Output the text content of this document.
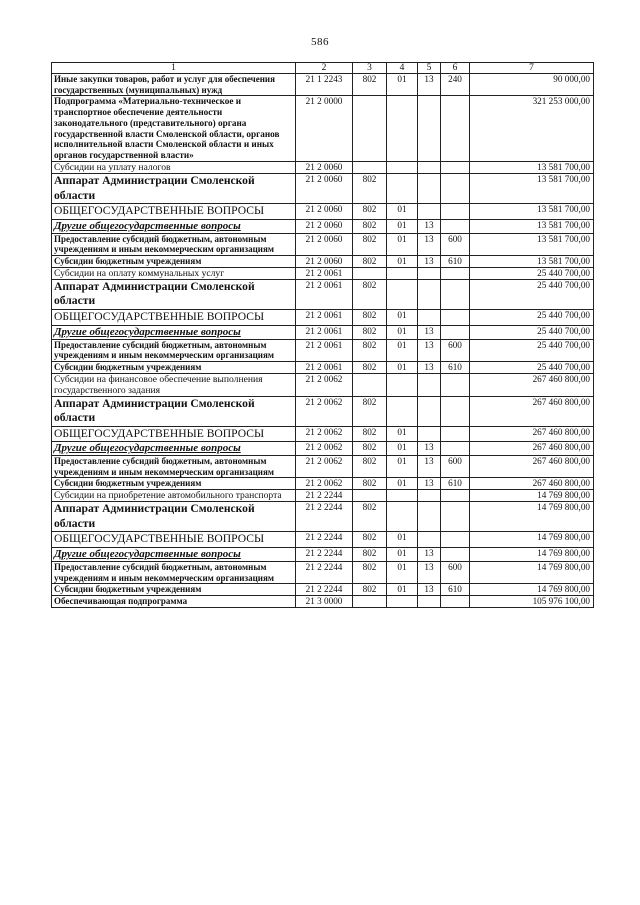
586
1	2	3	4	5	6	7
Иные закупки товаров, работ и услуг для обеспечения государственных (муниципальных) нужд	21 1 2243	802	01	13	240	90 000,00
Подпрограмма «Материально-техническое и транспортное обеспечение деятельности законодательного (представительного) органа государственной власти Смоленской области, органов исполнительной власти Смоленской области и иных органов государственной власти»	21 2 0000					321 253 000,00
Субсидии на уплату налогов	21 2 0060					13 581 700,00
Аппарат Администрации Смоленской области	21 2 0060	802				13 581 700,00
ОБЩЕГОСУДАРСТВЕННЫЕ ВОПРОСЫ	21 2 0060	802	01			13 581 700,00
Другие общегосударственные вопросы	21 2 0060	802	01	13		13 581 700,00
Предоставление субсидий бюджетным, автономным учреждениям и иным некоммерческим организациям	21 2 0060	802	01	13	600	13 581 700,00
Субсидии бюджетным учреждениям	21 2 0060	802	01	13	610	13 581 700,00
Субсидии на оплату коммунальных услуг	21 2 0061					25 440 700,00
Аппарат Администрации Смоленской области	21 2 0061	802				25 440 700,00
ОБЩЕГОСУДАРСТВЕННЫЕ ВОПРОСЫ	21 2 0061	802	01			25 440 700,00
Другие общегосударственные вопросы	21 2 0061	802	01	13		25 440 700,00
Предоставление субсидий бюджетным, автономным учреждениям и иным некоммерческим организациям	21 2 0061	802	01	13	600	25 440 700,00
Субсидии бюджетным учреждениям	21 2 0061	802	01	13	610	25 440 700,00
Субсидии на финансовое обеспечение выполнения государственного задания	21 2 0062					267 460 800,00
Аппарат Администрации Смоленской области	21 2 0062	802				267 460 800,00
ОБЩЕГОСУДАРСТВЕННЫЕ ВОПРОСЫ	21 2 0062	802	01			267 460 800,00
Другие общегосударственные вопросы	21 2 0062	802	01	13		267 460 800,00
Предоставление субсидий бюджетным, автономным учреждениям и иным некоммерческим организациям	21 2 0062	802	01	13	600	267 460 800,00
Субсидии бюджетным учреждениям	21 2 0062	802	01	13	610	267 460 800,00
Субсидии на приобретение автомобильного транспорта	21 2 2244					14 769 800,00
Аппарат Администрации Смоленской области	21 2 2244	802				14 769 800,00
ОБЩЕГОСУДАРСТВЕННЫЕ ВОПРОСЫ	21 2 2244	802	01			14 769 800,00
Другие общегосударственные вопросы	21 2 2244	802	01	13		14 769 800,00
Предоставление субсидий бюджетным, автономным учреждениям и иным некоммерческим организациям	21 2 2244	802	01	13	600	14 769 800,00
Субсидии бюджетным учреждениям	21 2 2244	802	01	13	610	14 769 800,00
Обеспечивающая подпрограмма	21 3 0000					105 976 100,00
